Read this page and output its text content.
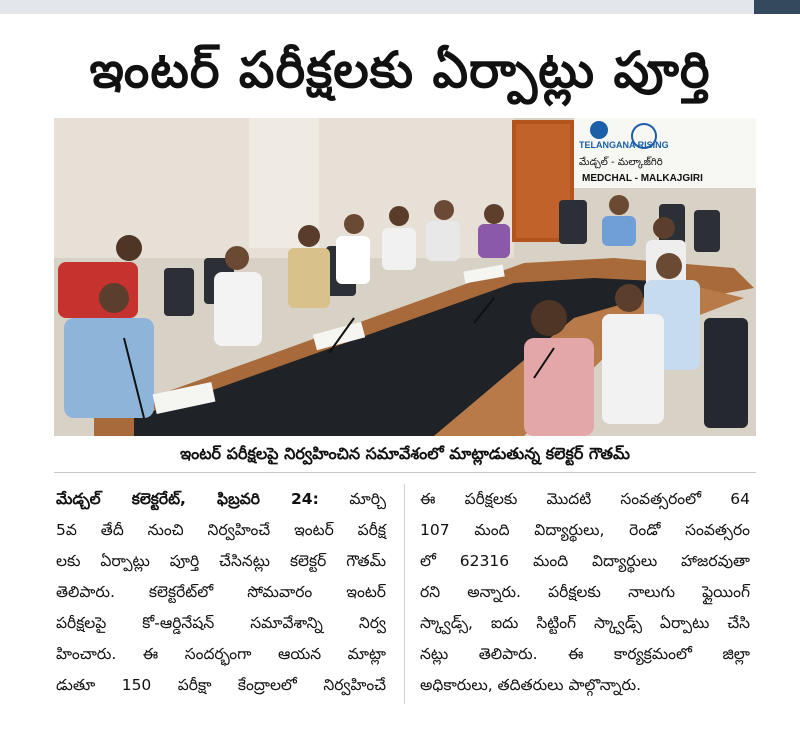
ఇంటర్ పరీక్షలకు ఏర్పాట్లు పూర్తి
TELANGANA RISING
మేడ్చల్ - మల్కాజ్‌గిరి
MEDCHAL - MALKAJGIRI
ఇంటర్ పరీక్షలపై నిర్వహించిన సమావేశంలో మాట్లాడుతున్న కలెక్టర్ గౌతమ్
మేడ్చల్ కలెక్టరేట్, ఫిబ్రవరి 24: మార్చి
5వ తేదీ నుంచి నిర్వహించే ఇంటర్ పరీక్ష
లకు ఏర్పాట్లు పూర్తి చేసినట్లు కలెక్టర్ గౌతమ్
తెలిపారు. కలెక్టరేట్‌లో సోమవారం ఇంటర్
పరీక్షలపై కో-ఆర్డినేషన్ సమావేశాన్ని నిర్వ
హించారు. ఈ సందర్భంగా ఆయన మాట్లా
డుతూ 150 పరీక్షా కేంద్రాలలో నిర్వహించే
ఈ పరీక్షలకు మొదటి సంవత్సరంలో 64
107 మంది విద్యార్థులు, రెండో సంవత్సరం
లో 62316 మంది విద్యార్థులు హాజరవుతా
రని అన్నారు. పరీక్షలకు నాలుగు ఫ్లైయింగ్
స్క్వాడ్స్, ఐదు సిట్టింగ్ స్క్వాడ్స్ ఏర్పాటు చేసి
నట్లు తెలిపారు. ఈ కార్యక్రమంలో జిల్లా
అధికారులు, తదితరులు పాల్గొన్నారు.
